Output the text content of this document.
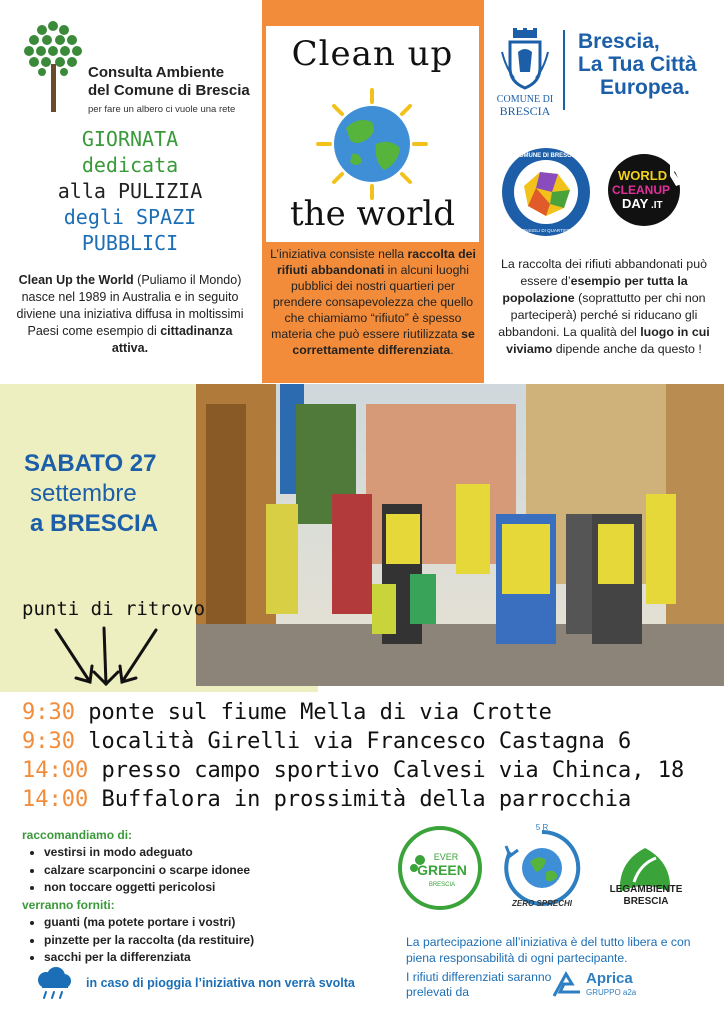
Consulta Ambiente
del Comune di Brescia
per fare un albero ci vuole una rete
GIORNATA
dedicata
alla PULIZIA
degli SPAZI
PUBBLICI
Clean Up the World (Puliamo il Mondo) nasce nel 1989 in Australia e in seguito diviene una iniziativa diffusa in moltissimi Paesi come esempio di cittadinanza attiva.
Clean up
the world
L’iniziativa consiste nella raccolta dei rifiuti abbandonati in alcuni luoghi pubblici dei nostri quartieri per prendere consapevolezza che quello che chiamiamo “rifiuto” è spesso materia che può essere riutilizzata se correttamente differenziata.
COMUNE DI
BRESCIA
Brescia,
La Tua Città
Europea.
COMUNE DI BRESCIA
CONSIGLI DI QUARTIERE
WORLD
CLEANUP
DAY .IT
La raccolta dei rifiuti abbandonati può essere d’esempio per tutta la popolazione (soprattutto per chi non parteciperà) perché si riducano gli abbandoni. La qualità del luogo in cui viviamo dipende anche da questo !
SABATO 27
settembre
a BRESCIA
punti di ritrovo
9:30 ponte sul fiume Mella di via Crotte
9:30 località Girelli via Francesco Castagna 6
14:00 presso campo sportivo Calvesi via Chinca, 18
14:00 Buffalora in prossimità della parrocchia
raccomandiamo di:
• vestirsi in modo adeguato
• calzare scarponcini o scarpe idonee
• non toccare oggetti pericolosi
verranno forniti:
• guanti (ma potete portare i vostri)
• pinzette per la raccolta (da restituire)
• sacchi per la differenziata
in caso di pioggia l’iniziativa non verrà svolta
EVER
GREEN
BRESCIA
5 R
ZERO SPRECHI
LEGAMBIENTE
BRESCIA
La partecipazione all’iniziativa è del tutto libera e con piena responsabilità di ogni partecipante.
I rifiuti differenziati saranno prelevati da
Aprica
GRUPPO a2a
